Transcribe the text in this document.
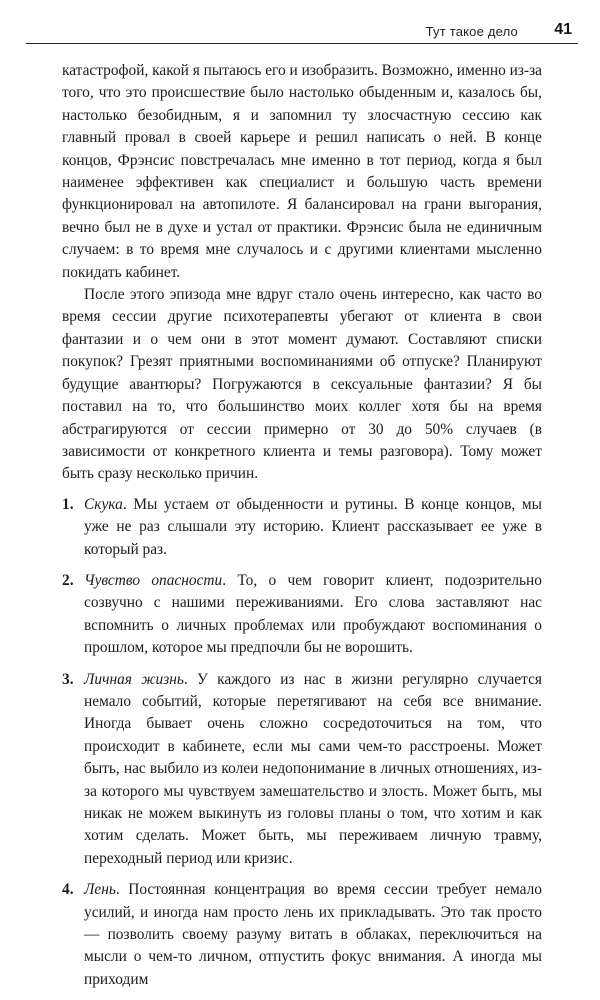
Тут такое дело 41

катастрофой, какой я пытаюсь его и изобразить. Возможно, именно из-за того, что это происшествие было настолько обыденным и, казалось бы, настолько безобидным, я и запомнил ту злосчастную сессию как главный провал в своей карьере и решил написать о ней. В конце концов, Фрэнсис повстречалась мне именно в тот период, когда я был наименее эффективен как специалист и большую часть времени функционировал на автопилоте. Я балансировал на грани выгорания, вечно был не в духе и устал от практики. Фрэнсис была не единичным случаем: в то время мне случалось и с другими клиентами мысленно покидать кабинет.

После этого эпизода мне вдруг стало очень интересно, как часто во время сессии другие психотерапевты убегают от клиента в свои фантазии и о чем они в этот момент думают. Составляют списки покупок? Грезят приятными воспоминаниями об отпуске? Планируют будущие авантюры? Погружаются в сексуальные фантазии? Я бы поставил на то, что большинство моих коллег хотя бы на время абстрагируются от сессии примерно от 30 до 50% случаев (в зависимости от конкретного клиента и темы разговора). Тому может быть сразу несколько причин.

1. Скука. Мы устаем от обыденности и рутины. В конце концов, мы уже не раз слышали эту историю. Клиент рассказывает ее уже в который раз.
2. Чувство опасности. То, о чем говорит клиент, подозрительно созвучно с нашими переживаниями. Его слова заставляют нас вспомнить о личных проблемах или пробуждают воспоминания о прошлом, которое мы предпочли бы не ворошить.
3. Личная жизнь. У каждого из нас в жизни регулярно случается немало событий, которые перетягивают на себя все внимание. Иногда бывает очень сложно сосредоточиться на том, что происходит в кабинете, если мы сами чем-то расстроены. Может быть, нас выбило из колеи недопонимание в личных отношениях, из-за которого мы чувствуем замешательство и злость. Может быть, мы никак не можем выкинуть из головы планы о том, что хотим и как хотим сделать. Может быть, мы переживаем личную травму, переходный период или кризис.
4. Лень. Постоянная концентрация во время сессии требует немало усилий, и иногда нам просто лень их прикладывать. Это так просто — позволить своему разуму витать в облаках, переключиться на мысли о чем-то личном, отпустить фокус внимания. А иногда мы приходим
